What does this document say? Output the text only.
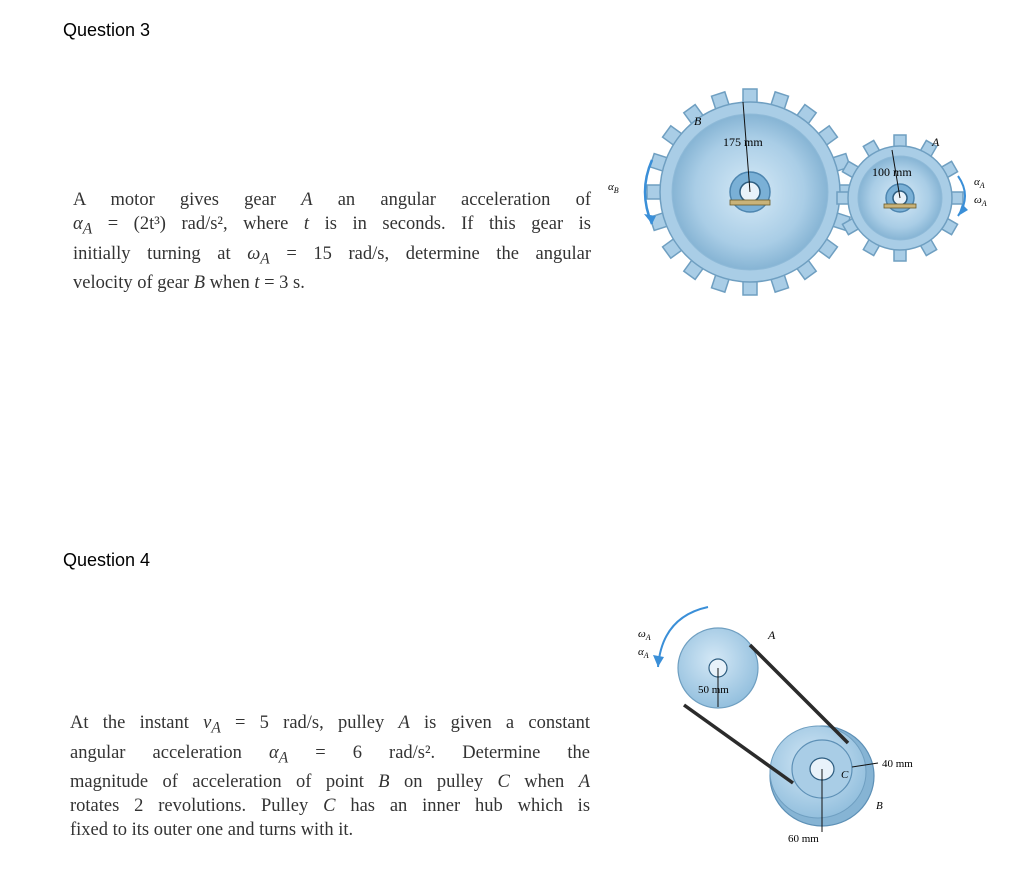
Question 3
A motor gives gear A an angular acceleration of
$\alpha_A = (2t^3)$ rad/s², where t is in seconds. If this gear is
initially turning at $\omega_A = 15$ rad/s, determine the angular
velocity of gear B when t = 3 s.
B
A
175 mm
100 mm
$\alpha_B$
$\alpha_A$
$\omega_A$
Question 4
At the instant $v_A = 5$ rad/s, pulley A is given a constant
angular acceleration $\alpha_A = 6$ rad/s². Determine the
magnitude of acceleration of point B on pulley C when A
rotates 2 revolutions. Pulley C has an inner hub which is
fixed to its outer one and turns with it.
$\omega_A$
$\alpha_A$
50 mm
60 mm
40 mm
A
C
B
